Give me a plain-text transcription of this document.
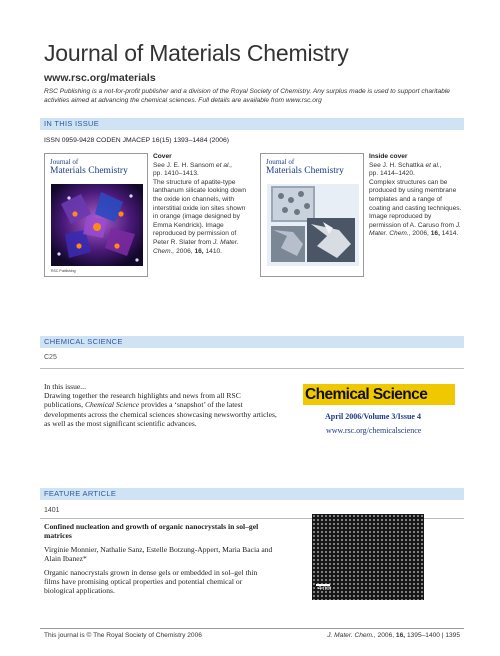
Journal of Materials Chemistry
www.rsc.org/materials
RSC Publishing is a not-for-profit publisher and a division of the Royal Society of Chemistry. Any surplus made is used to support charitable activities aimed at advancing the chemical sciences. Full details are available from www.rsc.org
IN THIS ISSUE
ISSN 0959-9428 CODEN JMACEP 16(15) 1393–1484 (2006)
Journal of
Materials Chemistry
RSC Publishing
Cover
See J. E. H. Sansom et al.,
pp. 1410–1413.
The structure of apatite-type lanthanum silicate looking down the oxide ion channels, with interstitial oxide ion sites shown in orange (image designed by Emma Kendrick). Image reproduced by permission of Peter R. Slater from J. Mater. Chem., 2006, 16, 1410.
Journal of
Materials Chemistry
Inside cover
See J. H. Schattka et al.,
pp. 1414–1420.
Complex structures can be produced by using membrane templates and a range of coating and casting techniques. Image reproduced by permission of A. Caruso from J. Mater. Chem., 2006, 16, 1414.
CHEMICAL SCIENCE
C25
In this issue...
Drawing together the research highlights and news from all RSC publications, Chemical Science provides a ‘snapshot’ of the latest developments across the chemical sciences showcasing newsworthy articles, as well as the most significant scientific advances.
Chemical Science
April 2006/Volume 3/Issue 4
www.rsc.org/chemicalscience
FEATURE ARTICLE
1401
Confined nucleation and growth of organic nanocrystals in sol–gel matrices
Virginie Monnier, Nathalie Sanz, Estelle Botzung-Appert, Maria Bacia and Alain Ibanez*
Organic nanocrystals grown in dense gels or embedded in sol–gel thin films have promising optical properties and potential chemical or biological applications.	4 nm
This journal is © The Royal Society of Chemistry 2006	J. Mater. Chem., 2006, 16, 1395–1400 | 1395
